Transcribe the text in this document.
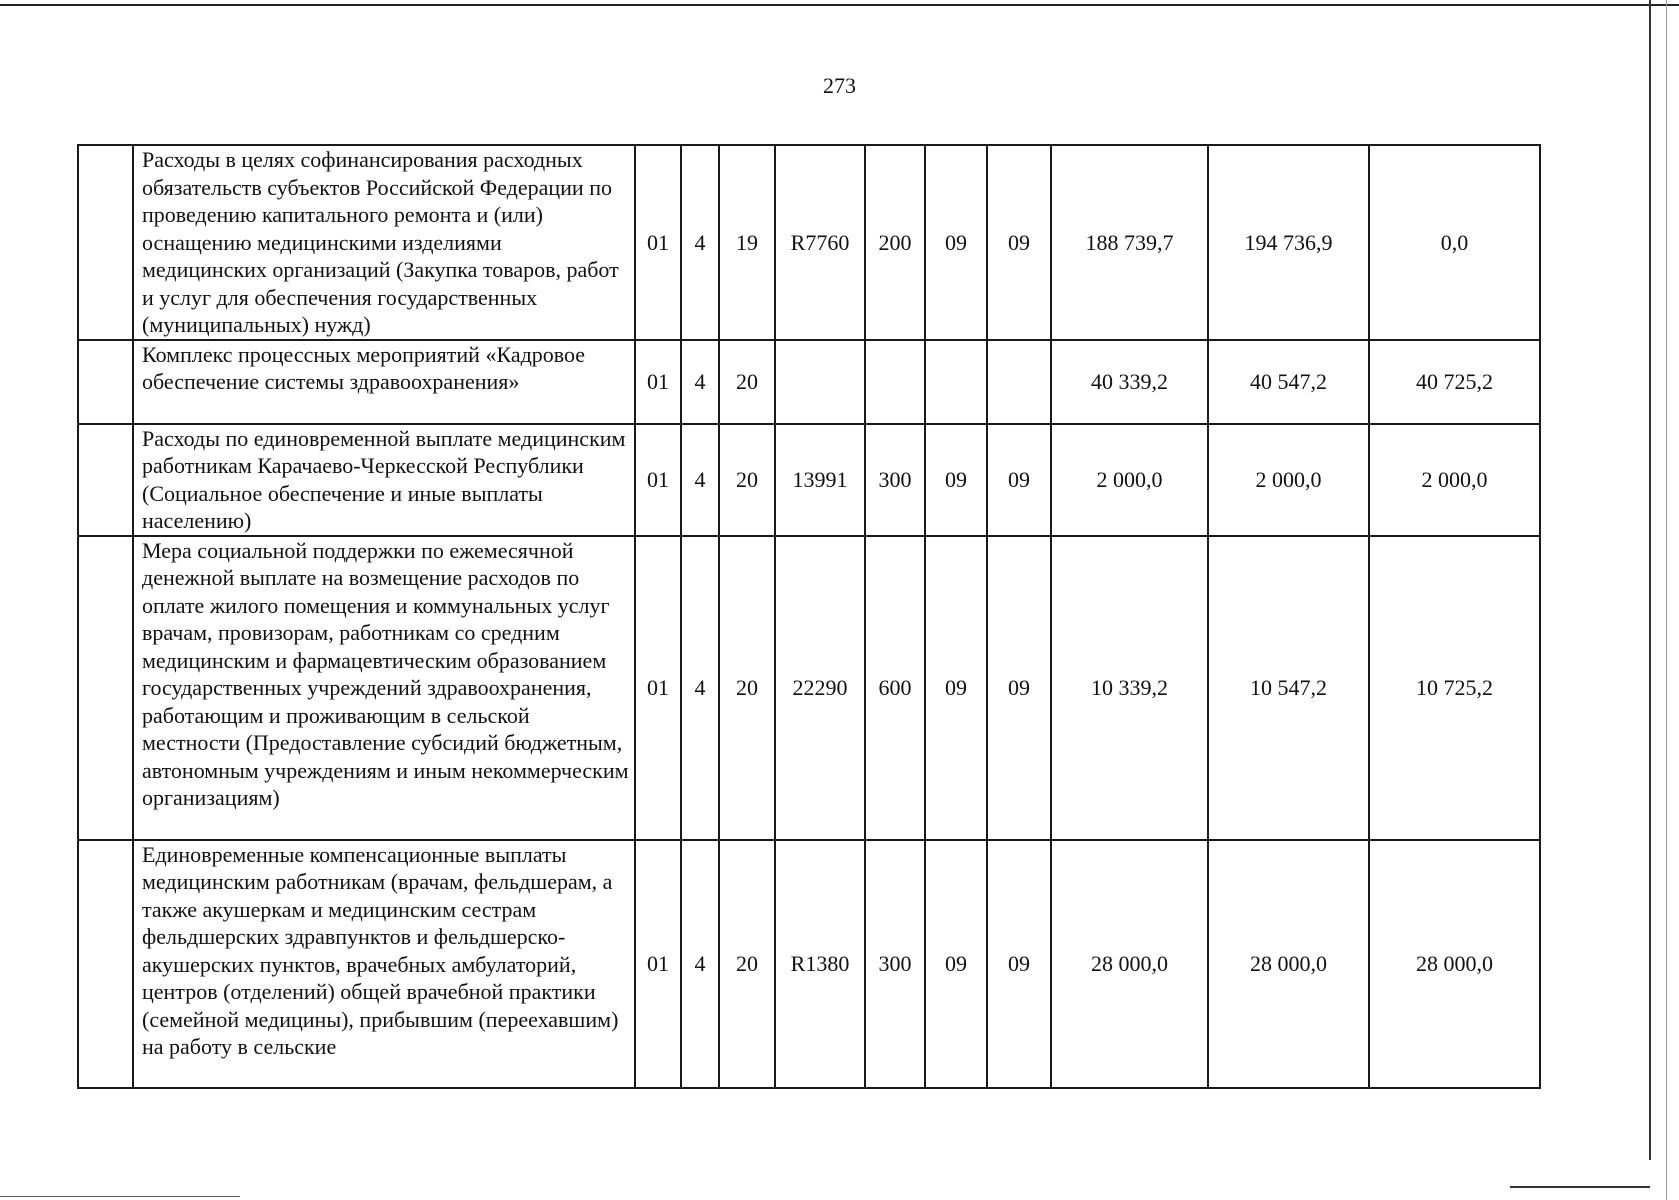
273
	Расходы в целях софинансирования расходных обязательств субъектов Российской Федерации по проведению капитального ремонта и (или) оснащению медицинскими изделиями медицинских организаций (Закупка товаров, работ и услуг для обеспечения государственных (муниципальных) нужд)	01	4	19	R7760	200	09	09	188 739,7	194 736,9	0,0
	Комплекс процессных мероприятий «Кадровое обеспечение системы здравоохранения»	01	4	20					40 339,2	40 547,2	40 725,2
	Расходы по единовременной выплате медицинским работникам Карачаево-Черкесской Республики (Социальное обеспечение и иные выплаты населению)	01	4	20	13991	300	09	09	2 000,0	2 000,0	2 000,0
	Мера социальной поддержки по ежемесячной денежной выплате на возмещение расходов по оплате жилого помещения и коммунальных услуг врачам, провизорам, работникам со средним медицинским и фармацевтическим образованием государственных учреждений здравоохранения, работающим и проживающим в сельской местности (Предоставление субсидий бюджетным, автономным учреждениям и иным некоммерческим организациям)	01	4	20	22290	600	09	09	10 339,2	10 547,2	10 725,2
	Единовременные компенсационные выплаты медицинским работникам (врачам, фельдшерам, а также акушеркам и медицинским сестрам фельдшерских здравпунктов и фельдшерско-акушерских пунктов, врачебных амбулаторий, центров (отделений) общей врачебной практики (семейной медицины), прибывшим (переехавшим) на работу в сельские	01	4	20	R1380	300	09	09	28 000,0	28 000,0	28 000,0
